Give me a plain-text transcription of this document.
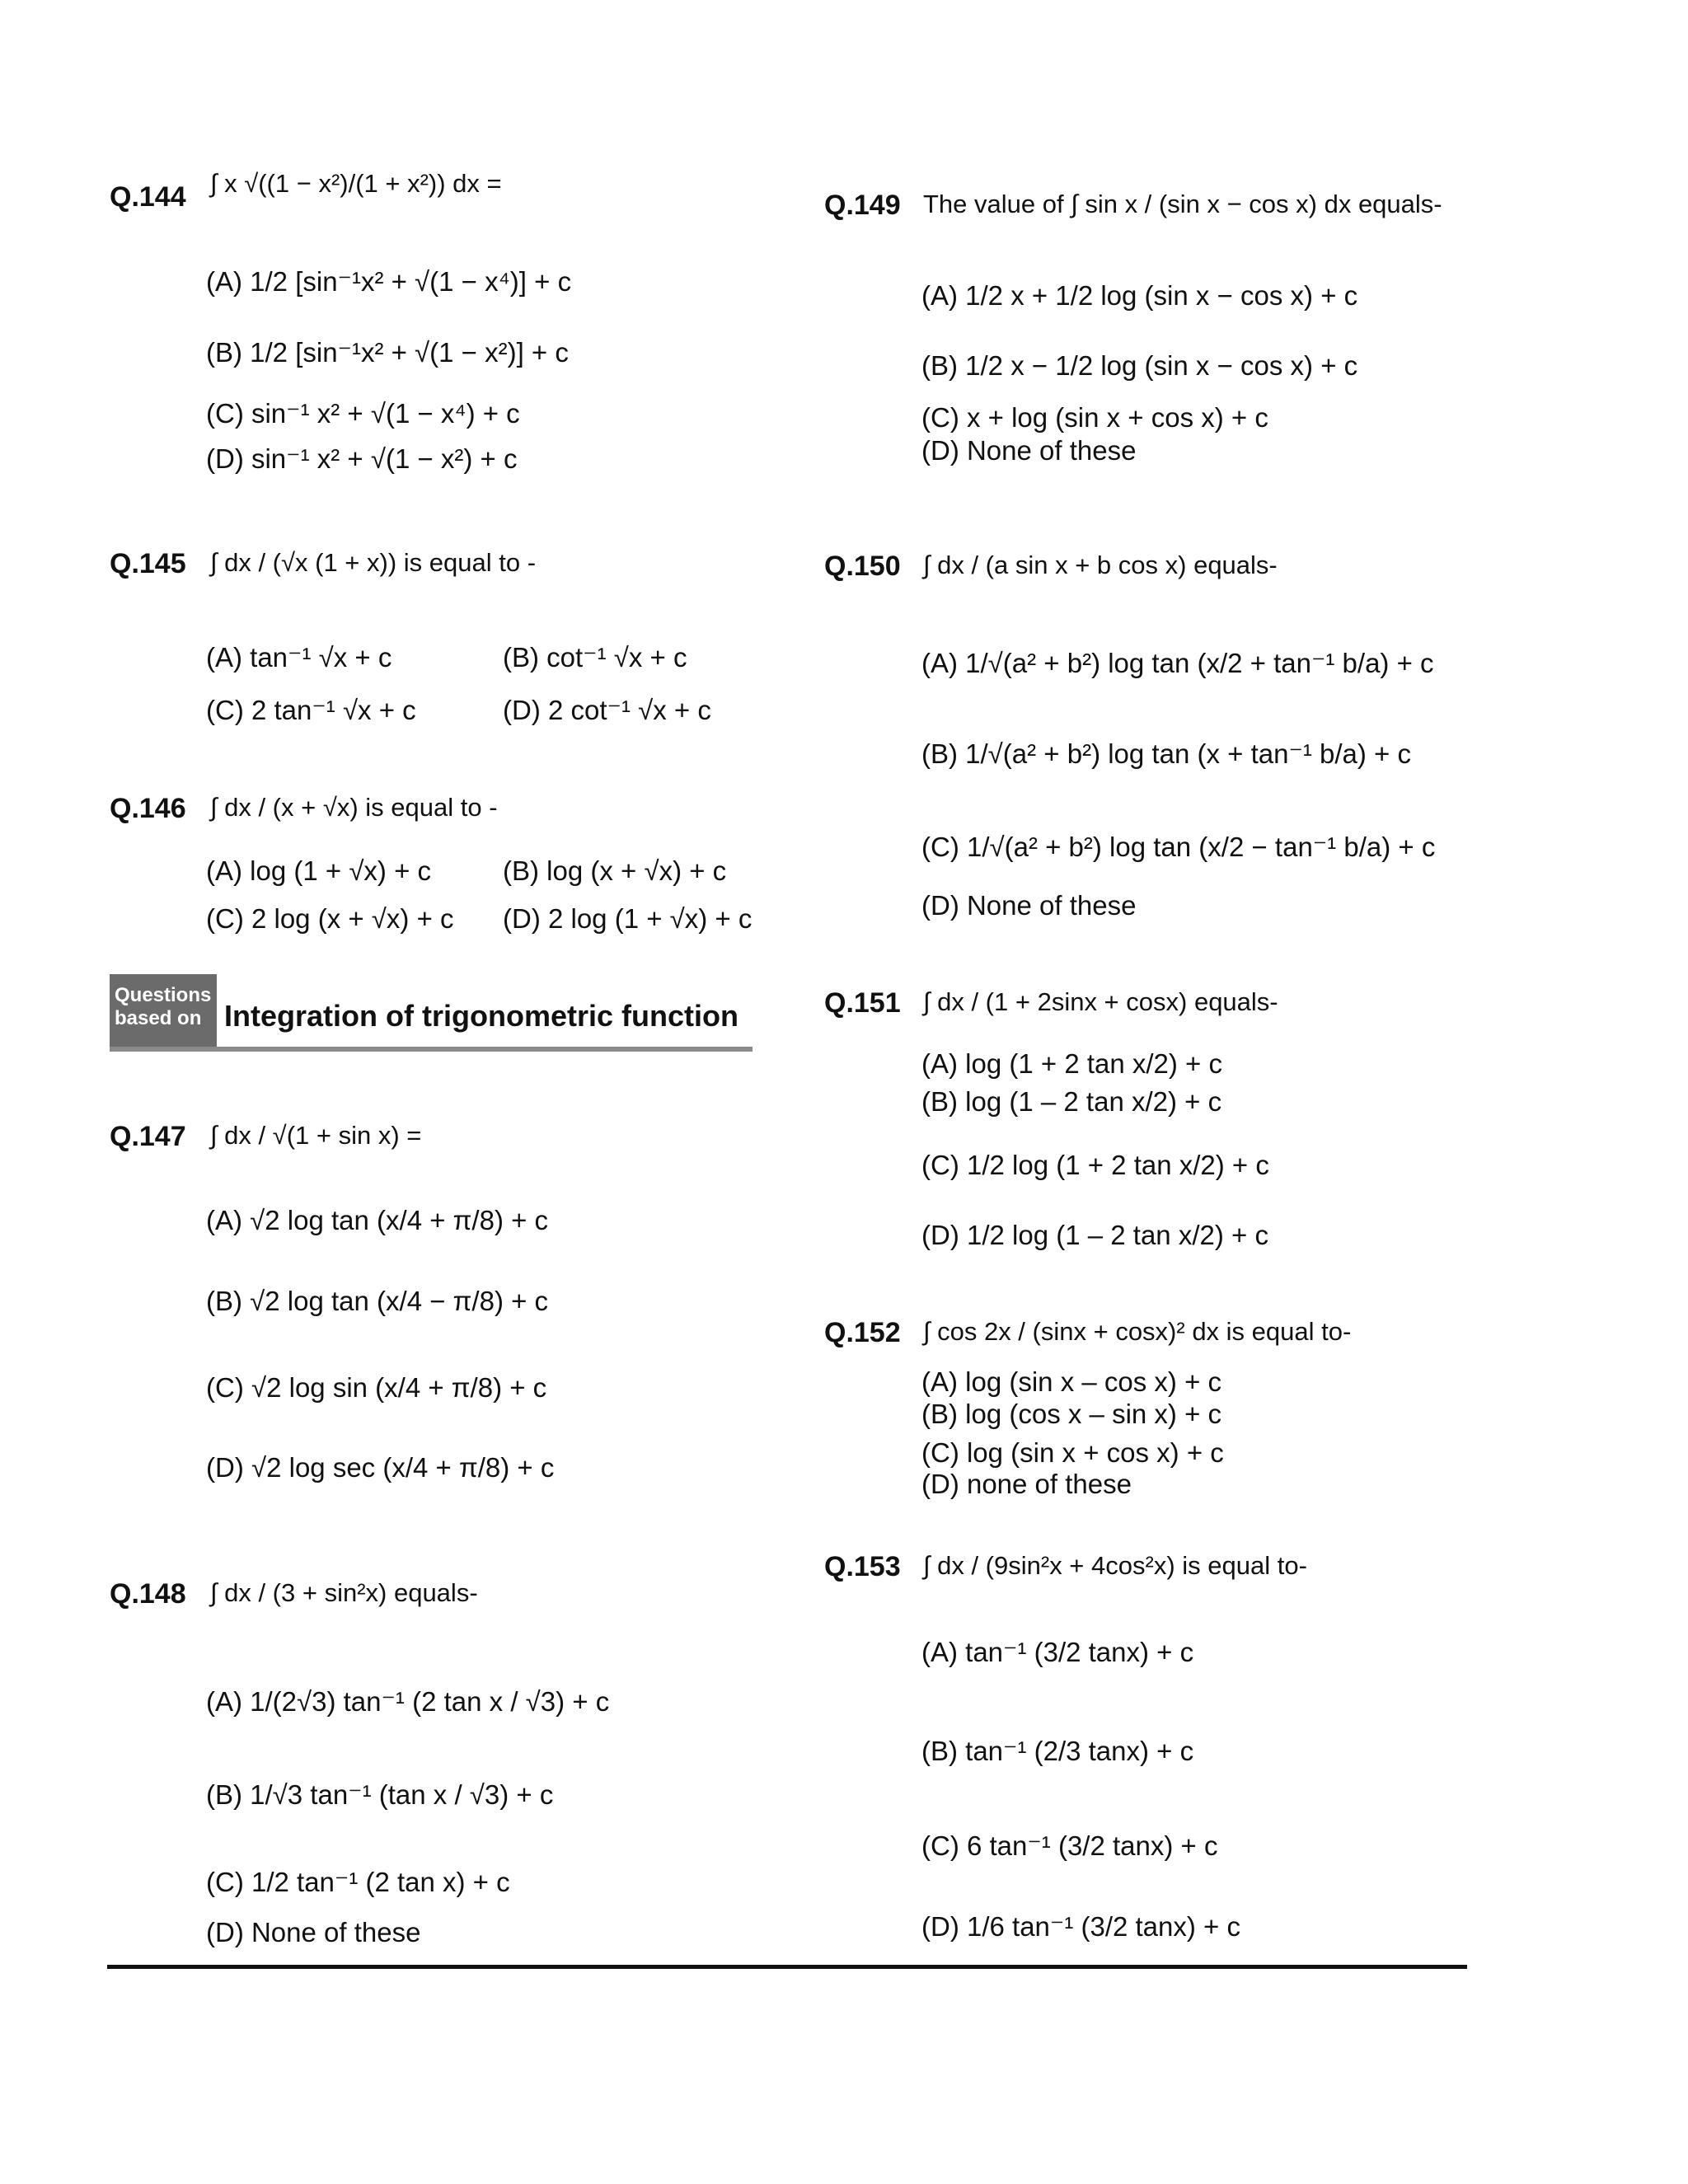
Questions
based on Integration of trigonometric function
Q.144 ∫ x √((1 − x²)/(1 + x²)) dx =
(A) 1/2 [sin⁻¹x² + √(1 − x⁴)] + c
(B) 1/2 [sin⁻¹x² + √(1 − x²)] + c
(C) sin⁻¹ x² + √(1 − x⁴) + c
(D) sin⁻¹ x² + √(1 − x²) + c
Q.145 ∫ dx / (√x (1 + x)) is equal to -
(A) tan⁻¹ √x + c	(B) cot⁻¹ √x + c
(C) 2 tan⁻¹ √x + c	(D) 2 cot⁻¹ √x + c
Q.146 ∫ dx / (x + √x) is equal to -
(A) log (1 + √x) + c	(B) log (x + √x) + c
(C) 2 log (x + √x) + c (D) 2 log (1 + √x) + c
Q.147 ∫ dx / √(1 + sin x) =
(A) √2 log tan (x/4 + π/8) + c
(B) √2 log tan (x/4 − π/8) + c
(C) √2 log sin (x/4 + π/8) + c
(D) √2 log sec (x/4 + π/8) + c
Q.148 ∫ dx / (3 + sin²x) equals-
(A) 1/(2√3) tan⁻¹ (2 tan x / √3) + c
(B) 1/√3 tan⁻¹ (tan x / √3) + c
(C) 1/2 tan⁻¹ (2 tan x) + c
(D) None of these
Q.149 The value of ∫ sin x / (sin x − cos x) dx equals-
(A) 1/2 x + 1/2 log (sin x − cos x) + c
(B) 1/2 x − 1/2 log (sin x − cos x) + c
(C) x + log (sin x + cos x) + c
(D) None of these
Q.150 ∫ dx / (a sin x + b cos x) equals-
(A) 1/√(a² + b²) log tan (x/2 + tan⁻¹ b/a) + c
(B) 1/√(a² + b²) log tan (x + tan⁻¹ b/a) + c
(C) 1/√(a² + b²) log tan (x/2 − tan⁻¹ b/a) + c
(D) None of these
Q.151 ∫ dx / (1 + 2sinx + cosx) equals-
(A) log (1 + 2 tan x/2) + c
(B) log (1 – 2 tan x/2) + c
(C) 1/2 log (1 + 2 tan x/2) + c
(D) 1/2 log (1 – 2 tan x/2) + c
Q.152 ∫ cos 2x / (sinx + cosx)² dx is equal to-
(A) log (sin x – cos x) + c
(B) log (cos x – sin x) + c
(C) log (sin x + cos x) + c
(D) none of these
Q.153 ∫ dx / (9sin²x + 4cos²x) is equal to-
(A) tan⁻¹ (3/2 tanx) + c
(B) tan⁻¹ (2/3 tanx) + c
(C) 6 tan⁻¹ (3/2 tanx) + c
(D) 1/6 tan⁻¹ (3/2 tanx) + c
